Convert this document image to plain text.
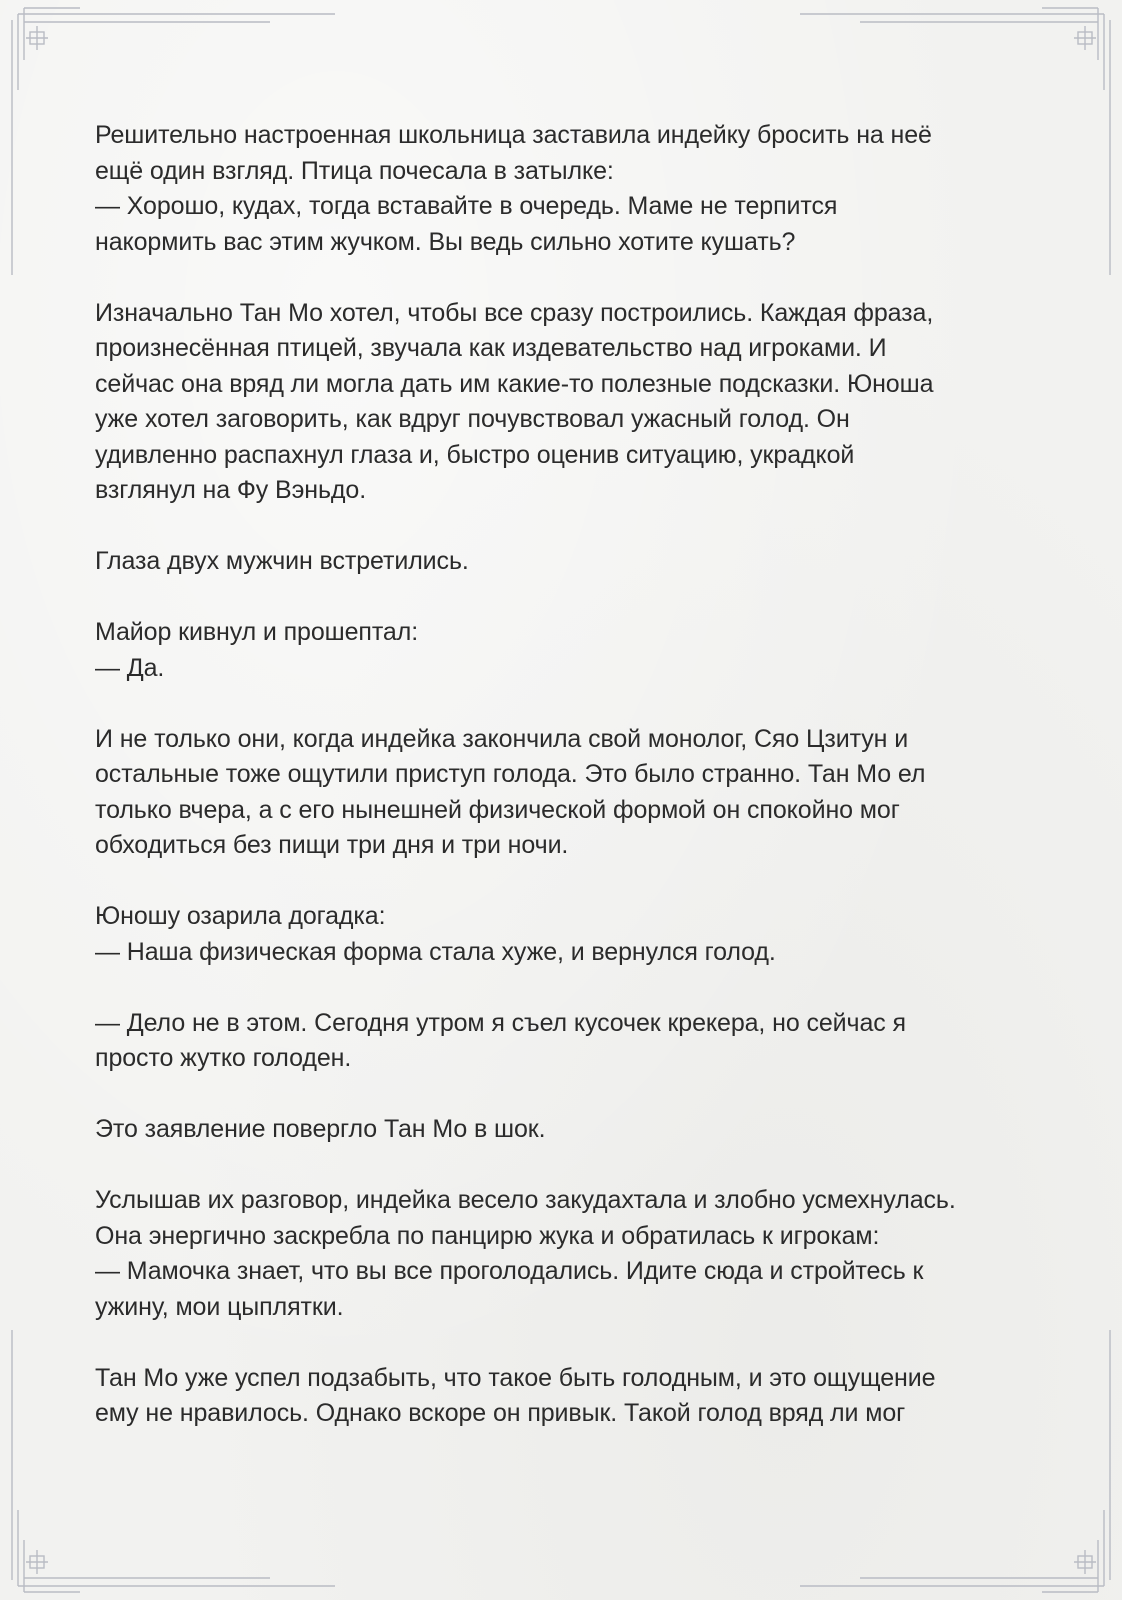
Решительно настроенная школьница заставила индейку бросить на неё
ещё один взгляд. Птица почесала в затылке:
— Хорошо, кудах, тогда вставайте в очередь. Маме не терпится
накормить вас этим жучком. Вы ведь сильно хотите кушать?

Изначально Тан Мо хотел, чтобы все сразу построились. Каждая фраза,
произнесённая птицей, звучала как издевательство над игроками. И
сейчас она вряд ли могла дать им какие-то полезные подсказки. Юноша
уже хотел заговорить, как вдруг почувствовал ужасный голод. Он
удивленно распахнул глаза и, быстро оценив ситуацию, украдкой
взглянул на Фу Вэньдо.

Глаза двух мужчин встретились.

Майор кивнул и прошептал:
— Да.

И не только они, когда индейка закончила свой монолог, Сяо Цзитун и
остальные тоже ощутили приступ голода. Это было странно. Тан Мо ел
только вчера, а с его нынешней физической формой он спокойно мог
обходиться без пищи три дня и три ночи.

Юношу озарила догадка:
— Наша физическая форма стала хуже, и вернулся голод.

— Дело не в этом. Сегодня утром я съел кусочек крекера, но сейчас я
просто жутко голоден.

Это заявление повергло Тан Мо в шок.

Услышав их разговор, индейка весело закудахтала и злобно усмехнулась.
Она энергично заскребла по панцирю жука и обратилась к игрокам:
— Мамочка знает, что вы все проголодались. Идите сюда и стройтесь к
ужину, мои цыплятки.

Тан Мо уже успел подзабыть, что такое быть голодным, и это ощущение
ему не нравилось. Однако вскоре он привык. Такой голод вряд ли мог
